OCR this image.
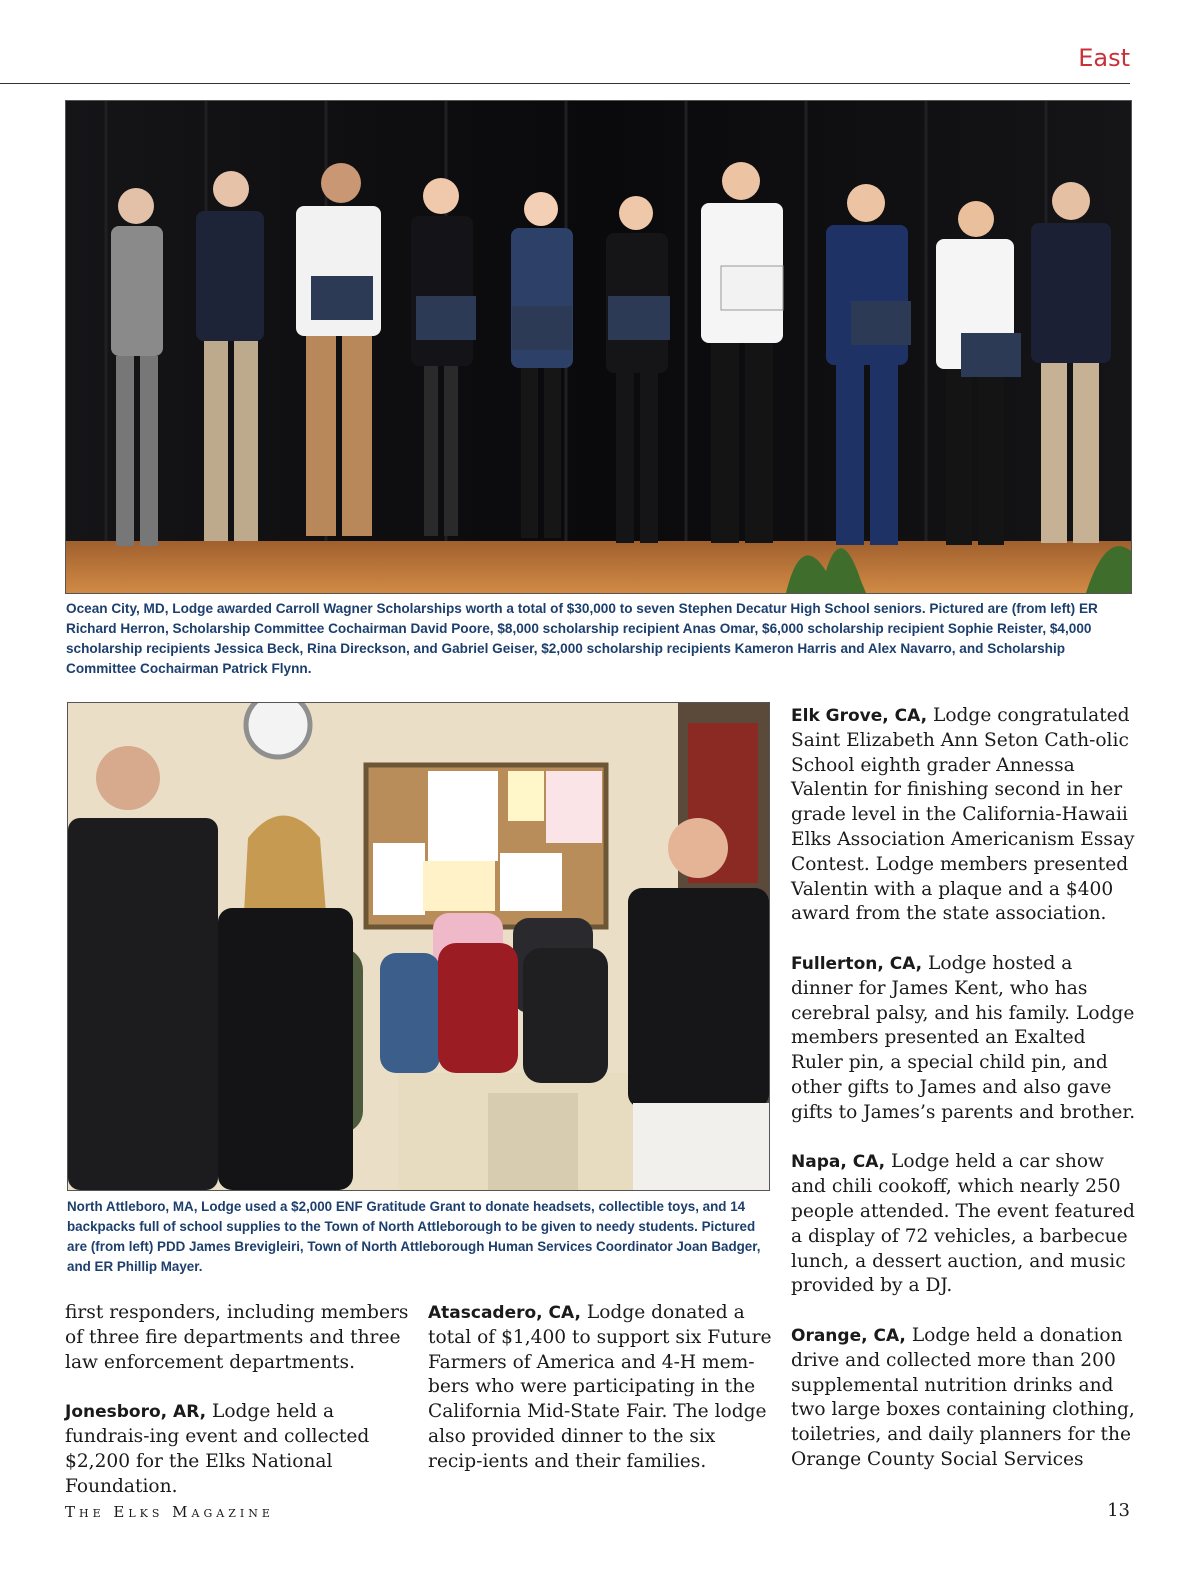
East
Ocean City, MD, Lodge awarded Carroll Wagner Scholarships worth a total of $30,000 to seven Stephen Decatur High School seniors. Pictured are (from left) ER Richard Herron, Scholarship Committee Cochairman David Poore, $8,000 scholarship recipient Anas Omar, $6,000 scholarship recipient Sophie Reister, $4,000 scholarship recipients Jessica Beck, Rina Direckson, and Gabriel Geiser, $2,000 scholarship recipients Kameron Harris and Alex Navarro, and Scholarship Committee Cochairman Patrick Flynn.
North Attleboro, MA, Lodge used a $2,000 ENF Gratitude Grant to donate headsets, collectible toys, and 14 backpacks full of school supplies to the Town of North Attleborough to be given to needy students. Pictured are (from left) PDD James Brevigleiri, Town of North Attleborough Human Services Coordinator Joan Badger, and ER Phillip Mayer.

first responders, including members of three fire departments and three law enforcement departments.

Jonesboro, AR, Lodge held a fundrais-ing event and collected $2,200 for the Elks National Foundation.

Atascadero, CA, Lodge donated a total of $1,400 to support six Future Farmers of America and 4-H mem-bers who were participating in the California Mid-State Fair. The lodge also provided dinner to the six recip-ients and their families.

Elk Grove, CA, Lodge congratulated Saint Elizabeth Ann Seton Cath-olic School eighth grader Annessa Valentin for finishing second in her grade level in the California-Hawaii Elks Association Americanism Essay Contest. Lodge members presented Valentin with a plaque and a $400 award from the state association.

Fullerton, CA, Lodge hosted a dinner for James Kent, who has cerebral palsy, and his family. Lodge members presented an Exalted Ruler pin, a special child pin, and other gifts to James and also gave gifts to James’s parents and brother.

Napa, CA, Lodge held a car show and chili cookoff, which nearly 250 people attended. The event featured a display of 72 vehicles, a barbecue lunch, a dessert auction, and music provided by a DJ.

Orange, CA, Lodge held a donation drive and collected more than 200 supplemental nutrition drinks and two large boxes containing clothing, toiletries, and daily planners for the Orange County Social Services

The Elks Magazine	13
